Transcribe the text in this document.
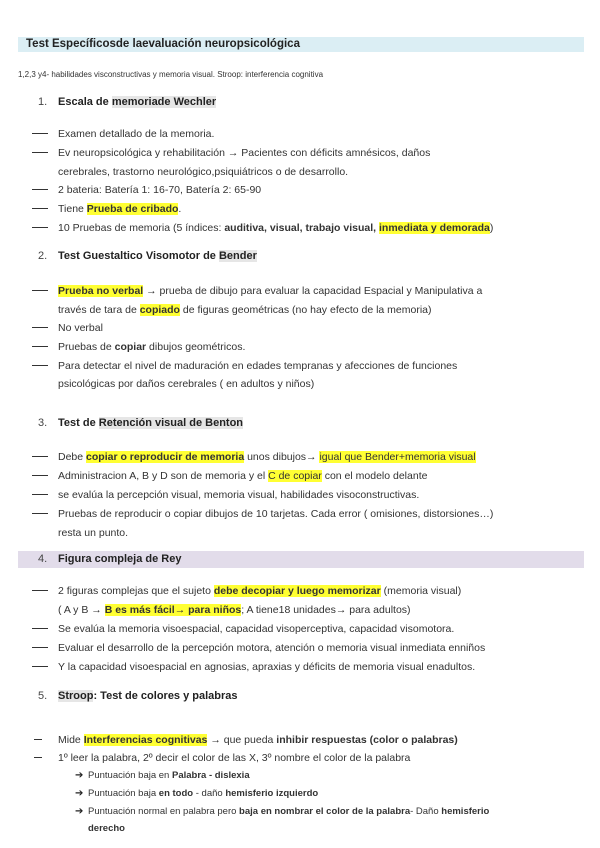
Test Específicosde laevaluación neuropsicológica
1,2,3 y4- habilidades visconstructivas y memoria visual. Stroop: interferencia cognitiva
1. Escala de memoriade Wechler
Examen detallado de la memoria.
Ev neuropsicológica y rehabilitación → Pacientes con déficits amnésicos, daños
cerebrales, trastorno neurológico,psiquiátricos o de desarrollo.
2 bateria: Batería 1: 16-70, Batería 2: 65-90
Tiene Prueba de cribado.
10 Pruebas de memoria (5 índices: auditiva, visual, trabajo visual, inmediata y demorada)
2. Test Guestaltico Visomotor de Bender
Prueba no verbal → prueba de dibujo para evaluar la capacidad Espacial y Manipulativa a
través de tara de copiado de figuras geométricas (no hay efecto de la memoria)
No verbal
Pruebas de copiar dibujos geométricos.
Para detectar el nivel de maduración en edades tempranas y afecciones de funciones
psicológicas por daños cerebrales ( en adultos y niños)
3. Test de Retención visual de Benton
Debe copiar o reproducir de memoria unos dibujos→ igual que Bender+memoria visual
Administracion A, B y D son de memoria y el C de copiar con el modelo delante
se evalúa la percepción visual, memoria visual, habilidades visoconstructivas.
Pruebas de reproducir o copiar dibujos de 10 tarjetas. Cada error ( omisiones, distorsiones…)
resta un punto.
4. Figura compleja de Rey
2 figuras complejas que el sujeto debe decopiar y luego memorizar (memoria visual)
( A y B → B es más fácil→ para niños; A tiene18 unidades→ para adultos)
Se evalúa la memoria visoespacial, capacidad visoperceptiva, capacidad visomotora.
Evaluar el desarrollo de la percepción motora, atención o memoria visual inmediata enniños
Y la capacidad visoespacial en agnosias, apraxias y déficits de memoria visual enadultos.
5. Stroop: Test de colores y palabras
Mide Interferencias cognitivas → que pueda inhibir respuestas (color o palabras)
1º leer la palabra, 2º decir el color de las X, 3º nombre el color de la palabra
➔ Puntuación baja en Palabra - dislexia
➔ Puntuación baja en todo - daño hemisferio izquierdo
➔ Puntuación normal en palabra pero baja en nombrar el color de la palabra- Daño hemisferio
derecho
